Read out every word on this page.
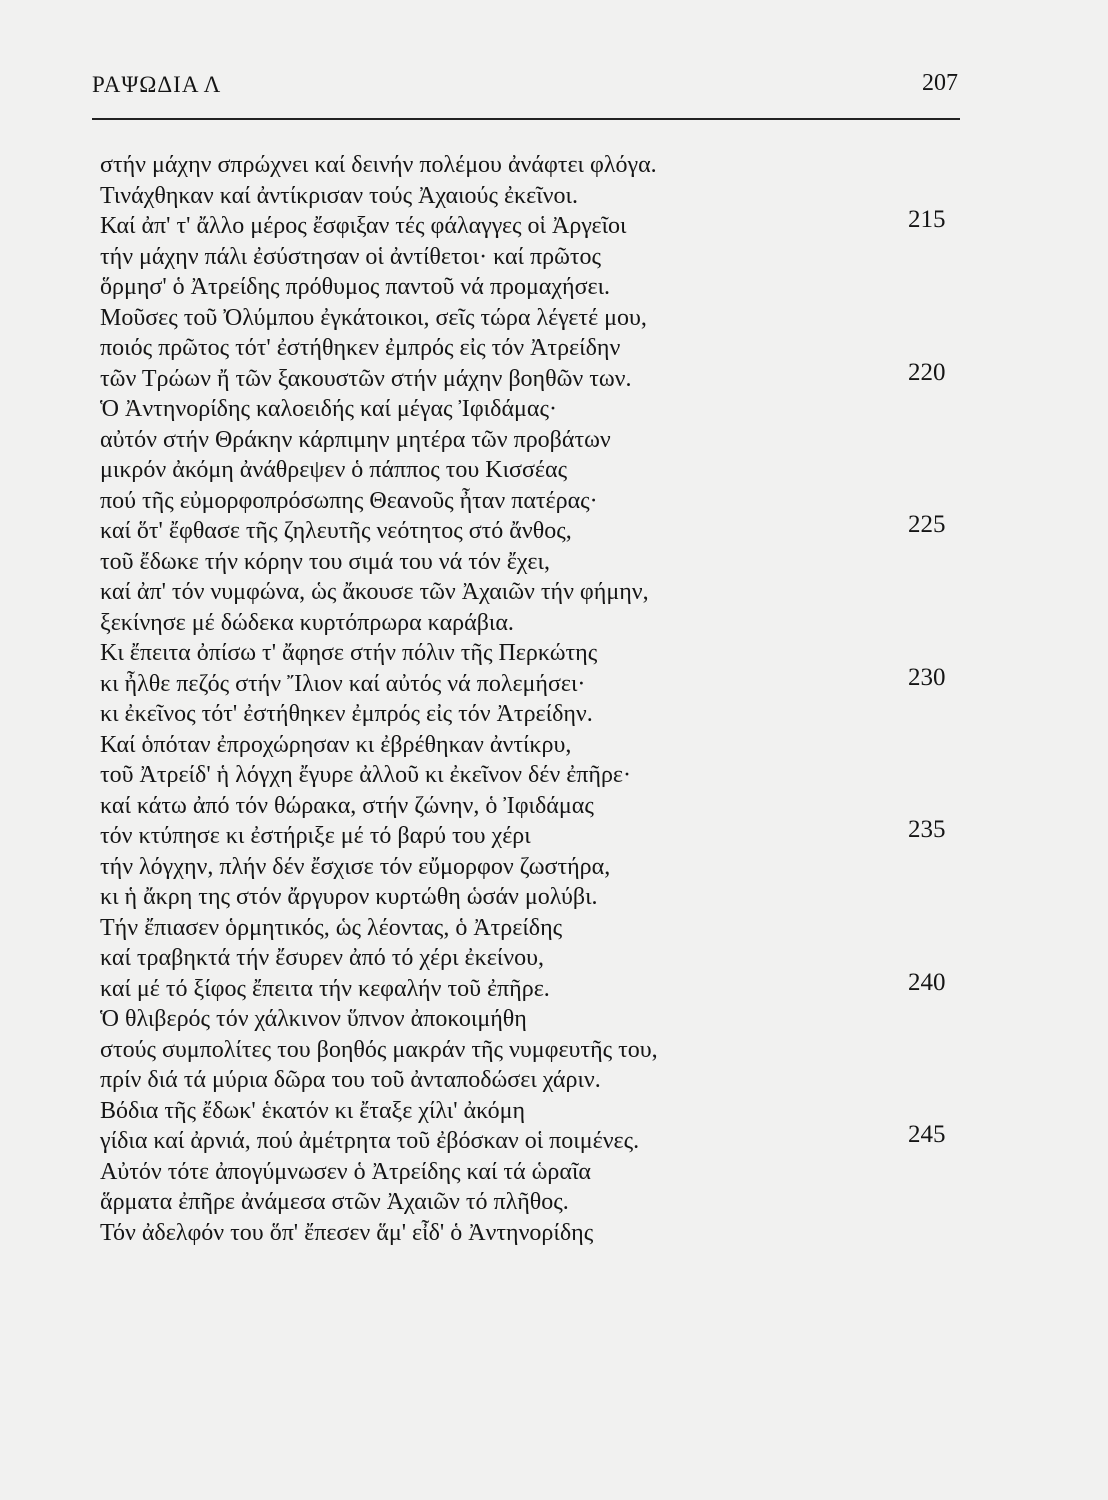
ΡΑΨΩΔΙΑ Λ	207
στήν μάχην σπρώχνει καί δεινήν πολέμου ἀνάφτει φλόγα.
Τινάχθηκαν καί ἀντίκρισαν τούς Ἀχαιούς ἐκεῖνοι.
Καί ἀπ' τ' ἄλλο μέρος ἔσφιξαν τές φάλαγγες οἱ Ἀργεῖοι	215
τήν μάχην πάλι ἐσύστησαν οἱ ἀντίθετοι· καί πρῶτος
ὅρμησ' ὁ Ἀτρείδης πρόθυμος παντοῦ νά προμαχήσει.
Μοῦσες τοῦ Ὀλύμπου ἐγκάτοικοι, σεῖς τώρα λέγετέ μου,
ποιός πρῶτος τότ' ἐστήθηκεν ἐμπρός εἰς τόν Ἀτρείδην
τῶν Τρώων ἤ τῶν ξακουστῶν στήν μάχην βοηθῶν των.	220
Ὁ Ἀντηνορίδης καλοειδής καί μέγας Ἰφιδάμας·
αὐτόν στήν Θράκην κάρπιμην μητέρα τῶν προβάτων
μικρόν ἀκόμη ἀνάθρεψεν ὁ πάππος του Κισσέας
πού τῆς εὐμορφοπρόσωπης Θεανοῦς ἦταν πατέρας·
καί ὅτ' ἔφθασε τῆς ζηλευτῆς νεότητος στό ἄνθος,	225
τοῦ ἔδωκε τήν κόρην του σιμά του νά τόν ἔχει,
καί ἀπ' τόν νυμφώνα, ὡς ἄκουσε τῶν Ἀχαιῶν τήν φήμην,
ξεκίνησε μέ δώδεκα κυρτόπρωρα καράβια.
Κι ἔπειτα ὀπίσω τ' ἄφησε στήν πόλιν τῆς Περκώτης
κι ἦλθε πεζός στήν Ἴλιον καί αὐτός νά πολεμήσει·	230
κι ἐκεῖνος τότ' ἐστήθηκεν ἐμπρός εἰς τόν Ἀτρείδην.
Καί ὁπόταν ἐπροχώρησαν κι ἐβρέθηκαν ἀντίκρυ,
τοῦ Ἀτρείδ' ἡ λόγχη ἔγυρε ἀλλοῦ κι ἐκεῖνον δέν ἐπῆρε·
καί κάτω ἀπό τόν θώρακα, στήν ζώνην, ὁ Ἰφιδάμας
τόν κτύπησε κι ἐστήριξε μέ τό βαρύ του χέρι	235
τήν λόγχην, πλήν δέν ἔσχισε τόν εὔμορφον ζωστήρα,
κι ἡ ἄκρη της στόν ἄργυρον κυρτώθη ὡσάν μολύβι.
Τήν ἔπιασεν ὁρμητικός, ὡς λέοντας, ὁ Ἀτρείδης
καί τραβηκτά τήν ἔσυρεν ἀπό τό χέρι ἐκείνου,
καί μέ τό ξίφος ἔπειτα τήν κεφαλήν τοῦ ἐπῆρε.	240
Ὁ θλιβερός τόν χάλκινον ὕπνον ἀποκοιμήθη
στούς συμπολίτες του βοηθός μακράν τῆς νυμφευτῆς του,
πρίν διά τά μύρια δῶρα του τοῦ ἀνταποδώσει χάριν.
Βόδια τῆς ἔδωκ' ἑκατόν κι ἔταξε χίλι' ἀκόμη
γίδια καί ἀρνιά, πού ἀμέτρητα τοῦ ἐβόσκαν οἱ ποιμένες.	245
Αὐτόν τότε ἀπογύμνωσεν ὁ Ἀτρείδης καί τά ὡραῖα
ἅρματα ἐπῆρε ἀνάμεσα στῶν Ἀχαιῶν τό πλῆθος.
Τόν ἀδελφόν του ὅπ' ἔπεσεν ἅμ' εἶδ' ὁ Ἀντηνορίδης
